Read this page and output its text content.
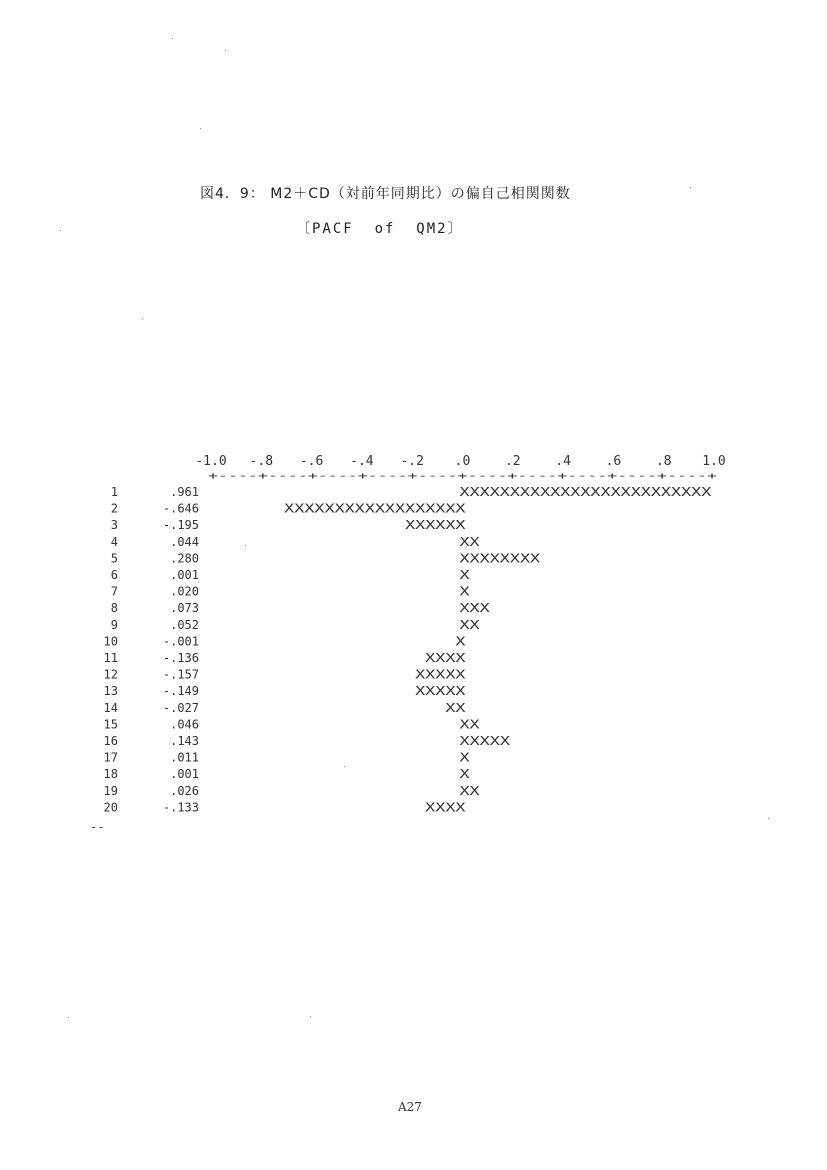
図4．9： M2＋CD（対前年同期比）の偏自己相関関数
〔PACF  of  QM2〕
-1.0 -.8 -.6 -.4 -.2 .0	.2	.4	.6	.8 1.0
+----+----+----+----+----+----+----+----+----+----+
1	.961	XXXXXXXXXXXXXXXXXXXXXXXXX
2	-.646	XXXXXXXXXXXXXXXXXX
3	-.195	XXXXXX
4	.044	XX
5	.280	XXXXXXXX
6	.001	X
7	.020	X
8	.073	XXX
9	.052	XX
10	-.001	X
11	-.136	XXXX
12	-.157	XXXXX
13	-.149	XXXXX
14	-.027	XX
15	.046	XX
16	.143	XXXXX
17	.011	X
18	.001	X
19	.026	XX
20	-.133	XXXX
--
A27
